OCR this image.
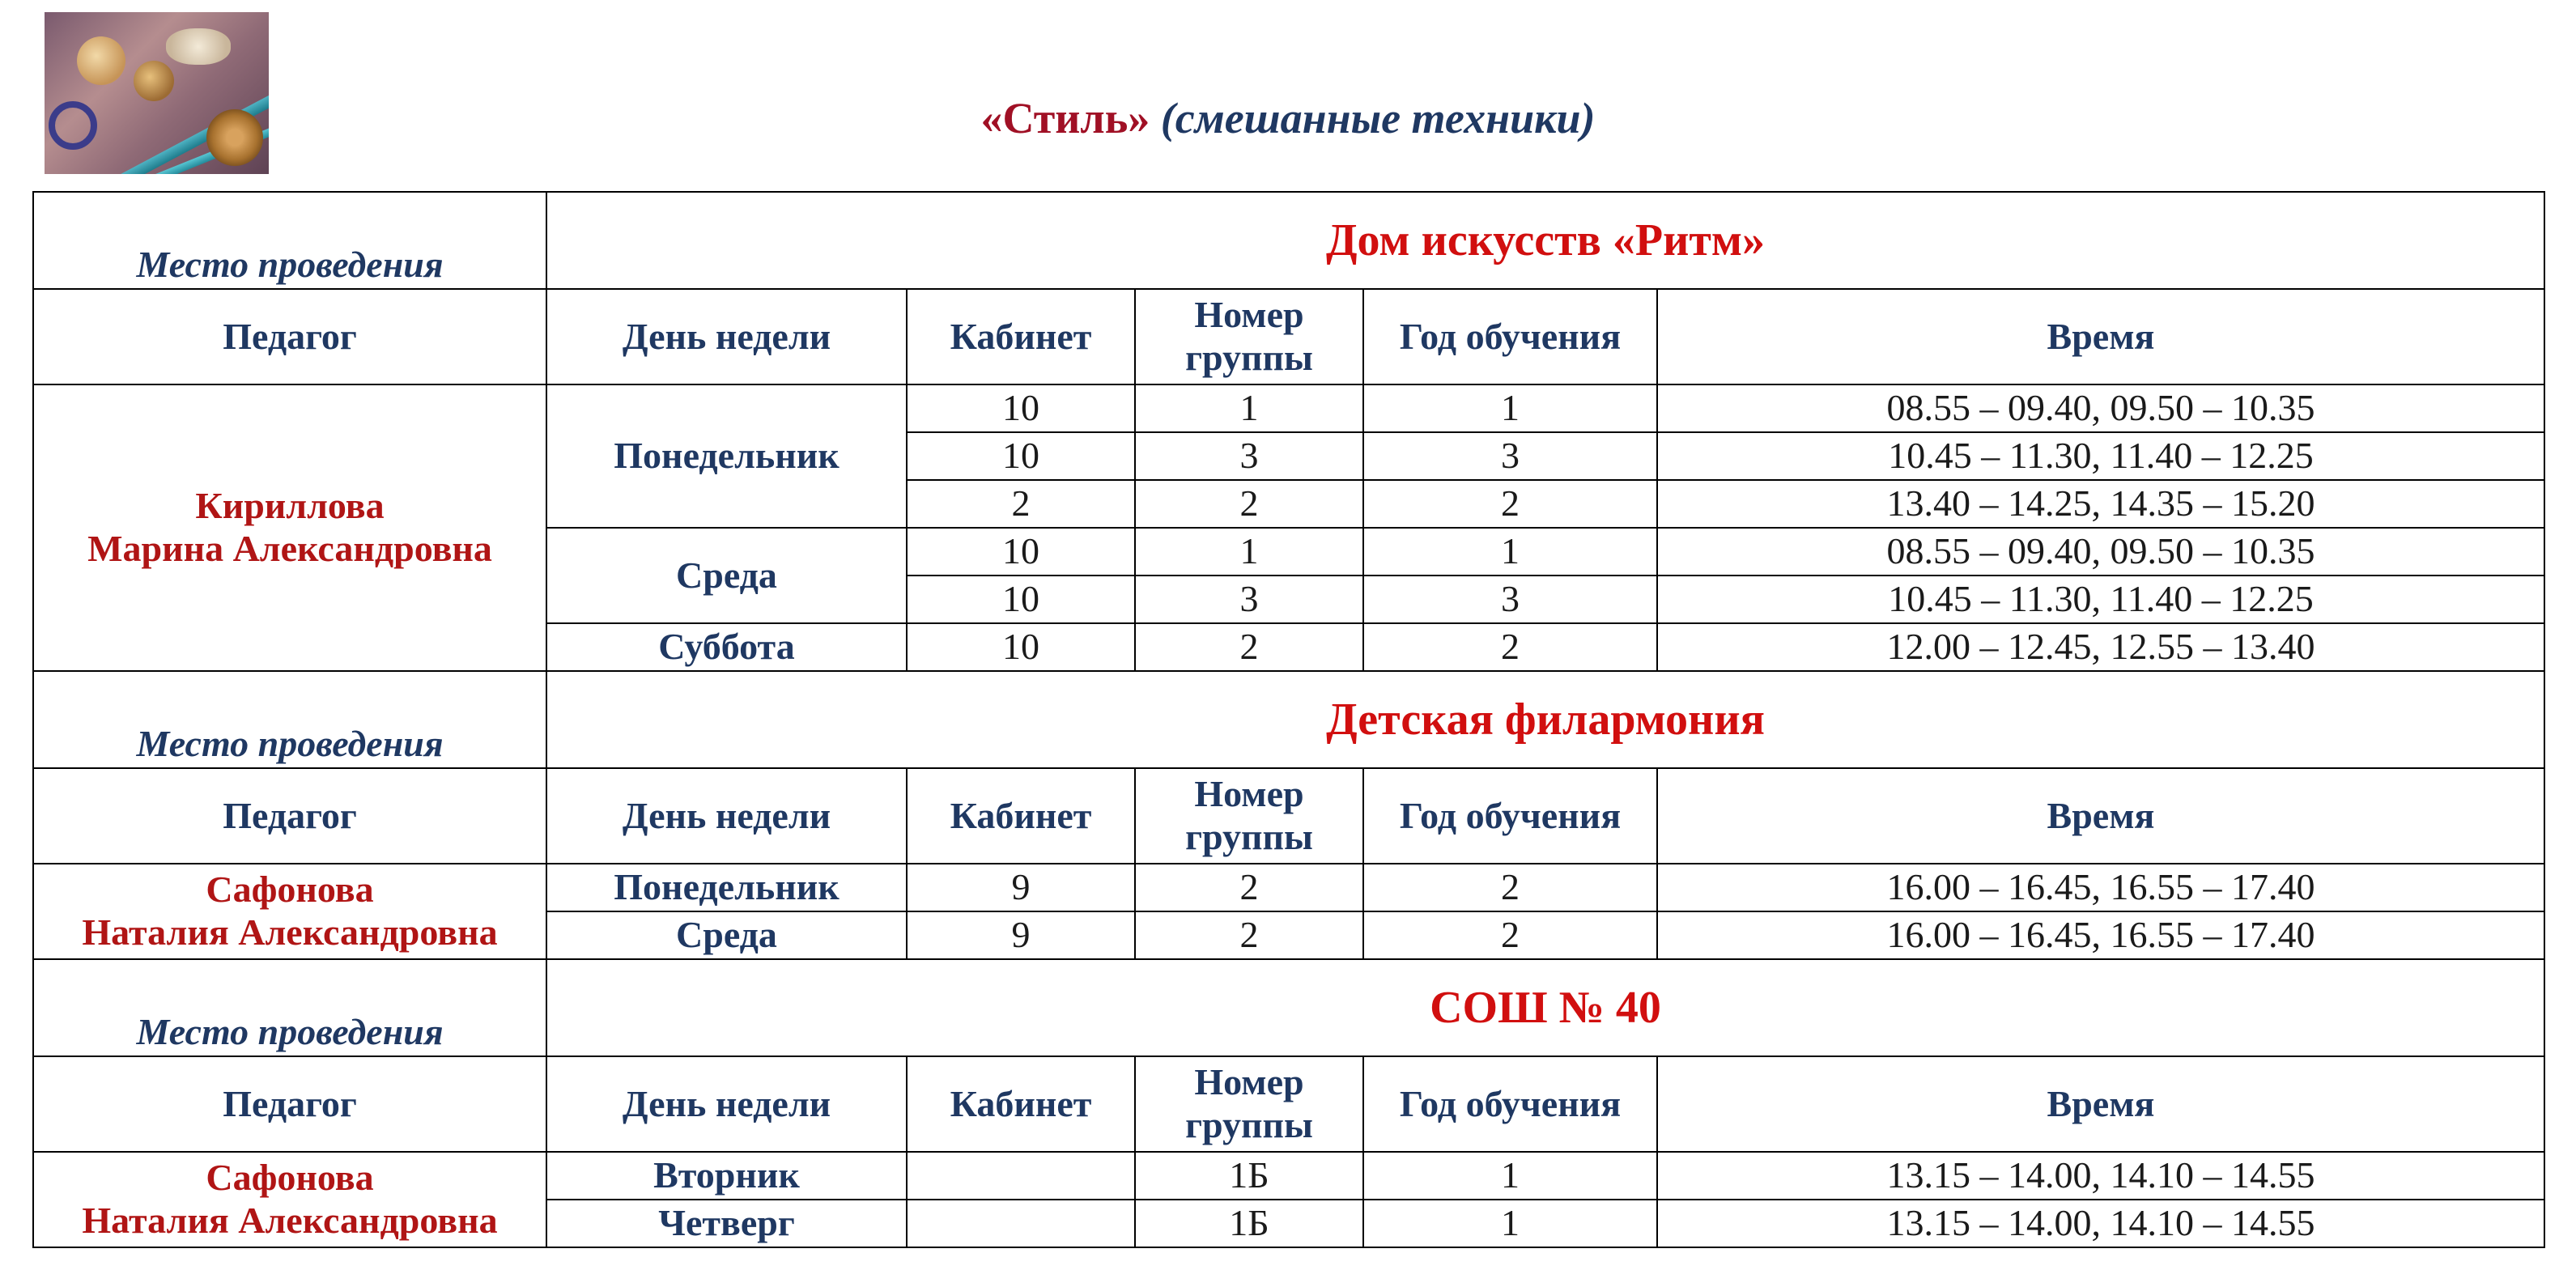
«Стиль» (смешанные техники)
Место проведения	Дом искусств «Ритм»				
Педагог	День недели	Кабинет	Номер
группы	Год обучения	Время
Кириллова
Марина Александровна	Понедельник	10	1	1	08.55 – 09.40, 09.50 – 10.35
		10	3	3	10.45 – 11.30, 11.40 – 12.25
		2	2	2	13.40 – 14.25, 14.35 – 15.20
	Среда	10	1	1	08.55 – 09.40, 09.50 – 10.35
		10	3	3	10.45 – 11.30, 11.40 – 12.25
	Суббота	10	2	2	12.00 – 12.45, 12.55 – 13.40
Место проведения	Детская филармония				
Педагог	День недели	Кабинет	Номер
группы	Год обучения	Время
Сафонова
Наталия Александровна	Понедельник	9	2	2	16.00 – 16.45, 16.55 – 17.40
	Среда	9	2	2	16.00 – 16.45, 16.55 – 17.40
Место проведения	СОШ № 40				
Педагог	День недели	Кабинет	Номер
группы	Год обучения	Время
Сафонова
Наталия Александровна	Вторник		1Б	1	13.15 – 14.00, 14.10 – 14.55
	Четверг		1Б	1	13.15 – 14.00, 14.10 – 14.55
